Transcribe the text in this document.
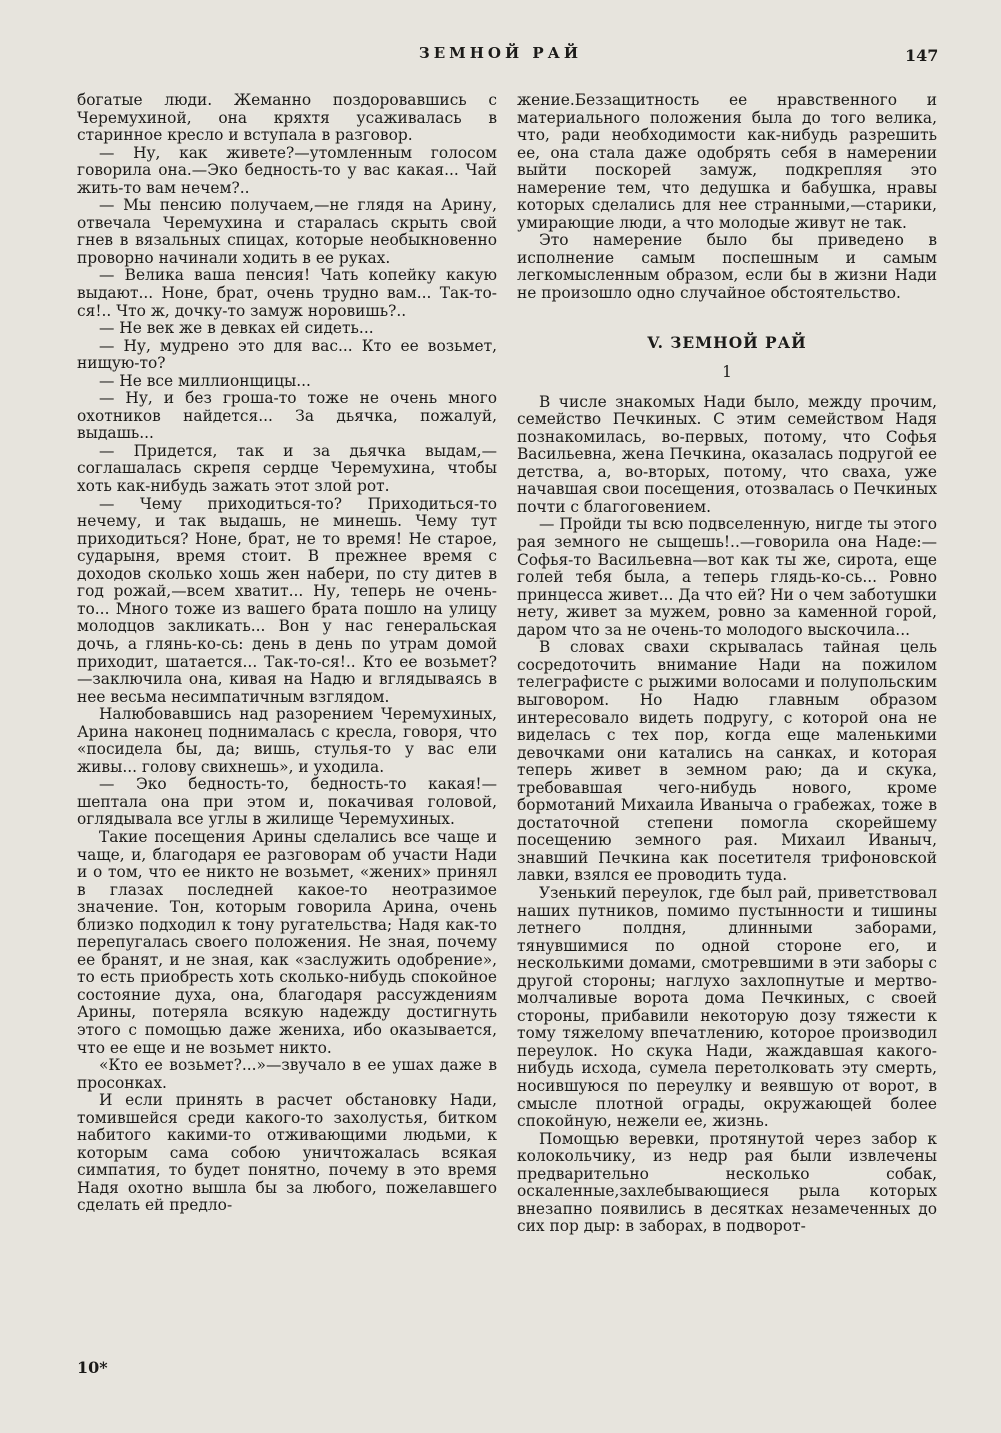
ЗЕМНОЙ РАЙ	147

богатые люди. Жеманно поздоровавшись с Черемухиной, она кряхтя усаживалась в старинное кресло и вступала в разговор.

— Ну, как живете?—утомленным голосом говорила она.—Эко бедность-то у вас какая... Чай жить-то вам нечем?..

— Мы пенсию получаем,—не глядя на Арину, отвечала Черемухина и старалась скрыть свой гнев в вязальных спицах, которые необыкновенно проворно начинали ходить в ее руках.

— Велика ваша пенсия! Чать копейку какую выдают... Ноне, брат, очень трудно вам... Так-то-ся!.. Что ж, дочку-то замуж норовишь?..

— Не век же в девках ей сидеть...

— Ну, мудрено это для вас... Кто ее возьмет, нищую-то?

— Не все миллионщицы...

— Ну, и без гроша-то тоже не очень много охотников найдется... За дьячка, пожалуй, выдашь...

— Придется, так и за дьячка выдам,— соглашалась скрепя сердце Черемухина, чтобы хоть как-нибудь зажать этот злой рот.

— Чему приходиться-то? Приходиться-то нечему, и так выдашь, не минешь. Чему тут приходиться? Ноне, брат, не то время! Не старое, сударыня, время стоит. В прежнее время с доходов сколько хошь жен набери, по сту дитев в год рожай,—всем хватит... Ну, теперь не очень-то... Много тоже из вашего брата пошло на улицу молодцов закликать... Вон у нас генеральская дочь, а глянь-ко-сь: день в день по утрам домой приходит, шатается... Так-то-ся!.. Кто ее возьмет?—заключила она, кивая на Надю и вглядываясь в нее весьма несимпатичным взглядом.

Налюбовавшись над разорением Черемухиных, Арина наконец поднималась с кресла, говоря, что «посидела бы, да; вишь, стулья-то у вас ели живы... голову свихнешь», и уходила.

— Эко бедность-то, бедность-то какая!— шептала она при этом и, покачивая головой, оглядывала все углы в жилище Черемухиных.

Такие посещения Арины сделались все чаще и чаще, и, благодаря ее разговорам об участи Нади и о том, что ее никто не возьмет, «жених» принял в глазах последней какое-то неотразимое значение. Тон, которым говорила Арина, очень близко подходил к тону ругательства; Надя как-то перепугалась своего положения. Не зная, почему ее бранят, и не зная, как «заслужить одобрение», то есть приобресть хоть сколько-нибудь спокойное состояние духа, она, благодаря рассуждениям Арины, потеряла всякую надежду достигнуть этого с помощью даже жениха, ибо оказывается, что ее еще и не возьмет никто.

«Кто ее возьмет?...»—звучало в ее ушах даже в просонках.

И если принять в расчет обстановку Нади, томившейся среди какого-то захолустья, битком набитого какими-то отживающими людьми, к которым сама собою уничтожалась всякая симпатия, то будет понятно, почему в это время Надя охотно вышла бы за любого, пожелавшего сделать ей предло-

жение.Беззащитность ее нравственного и материального положения была до того велика, что, ради необходимости как-нибудь разрешить ее, она стала даже одобрять себя в намерении выйти поскорей замуж, подкрепляя это намерение тем, что дедушка и бабушка, нравы которых сделались для нее странными,—старики, умирающие люди, а что молодые живут не так.

Это намерение было бы приведено в исполнение самым поспешным и самым легкомысленным образом, если бы в жизни Нади не произошло одно случайное обстоятельство.

V. ЗЕМНОЙ РАЙ
1

В числе знакомых Нади было, между прочим, семейство Печкиных. С этим семейством Надя познакомилась, во-первых, потому, что Софья Васильевна, жена Печкина, оказалась подругой ее детства, а, во-вторых, потому, что сваха, уже начавшая свои посещения, отозвалась о Печкиных почти с благоговением.

— Пройди ты всю подвселенную, нигде ты этого рая земного не сыщешь!..—говорила она Наде:—Софья-то Васильевна—вот как ты же, сирота, еще голей тебя была, а теперь глядь-ко-сь... Ровно принцесса живет... Да что ей? Ни о чем заботушки нету, живет за мужем, ровно за каменной горой, даром что за не очень-то молодого выскочила...

В словах свахи скрывалась тайная цель сосредоточить внимание Нади на пожилом телеграфисте с рыжими волосами и полупольским выговором. Но Надю главным образом интересовало видеть подругу, с которой она не виделась с тех пор, когда еще маленькими девочками они катались на санках, и которая теперь живет в земном раю; да и скука, требовавшая чего-нибудь нового, кроме бормотаний Михаила Иваныча о грабежах, тоже в достаточной степени помогла скорейшему посещению земного рая. Михаил Иваныч, знавший Печкина как посетителя трифоновской лавки, взялся ее проводить туда.

Узенький переулок, где был рай, приветствовал наших путников, помимо пустынности и тишины летнего полдня, длинными заборами, тянувшимися по одной стороне его, и несколькими домами, смотревшими в эти заборы с другой стороны; наглухо захлопнутые и мертво-молчаливые ворота дома Печкиных, с своей стороны, прибавили некоторую дозу тяжести к тому тяжелому впечатлению, которое производил переулок. Но скука Нади, жаждавшая какого-нибудь исхода, сумела перетолковать эту смерть, носившуюся по переулку и веявшую от ворот, в смысле плотной ограды, окружающей более спокойную, нежели ее, жизнь.

Помощью веревки, протянутой через забор к колокольчику, из недр рая были извлечены предварительно несколько собак, оскаленные,захлебывающиеся рыла которых внезапно появились в десятках незамеченных до сих пор дыр: в заборах, в подворот-

10*
